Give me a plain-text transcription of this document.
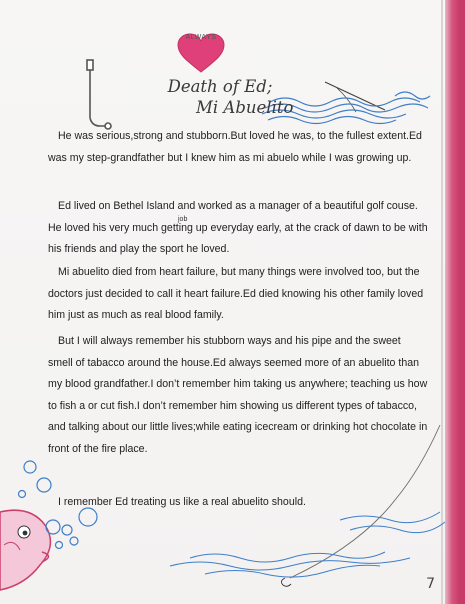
ALWAYS
Death of Ed;
Mi Abuelito
job

He was serious,strong and stubborn.But loved he was, to the fullest extent.Ed was my step-grandfather but I knew him as mi abuelo while I was growing up.

Ed lived on Bethel Island and worked as a manager of a beautiful golf couse. He loved his very much getting up everyday early, at the crack of dawn to be with his friends and play the sport he loved.

Mi abuelito died from heart failure, but many things were involved too, but the doctors just decided to call it heart failure.Ed died knowing his other family loved him just as much as real blood family.

But I will always remember his stubborn ways and his pipe and the sweet smell of tabacco around the house.Ed always seemed more of an abuelito than my blood grandfather.I don’t remember him taking us anywhere; teaching us how to fish a or cut fish.I don’t remember him showing us different types of tabacco, and talking about our little lives;while eating icecream or drinking hot chocolate in front of the fire place.

I remember Ed treating us like a real abuelito should.

7
